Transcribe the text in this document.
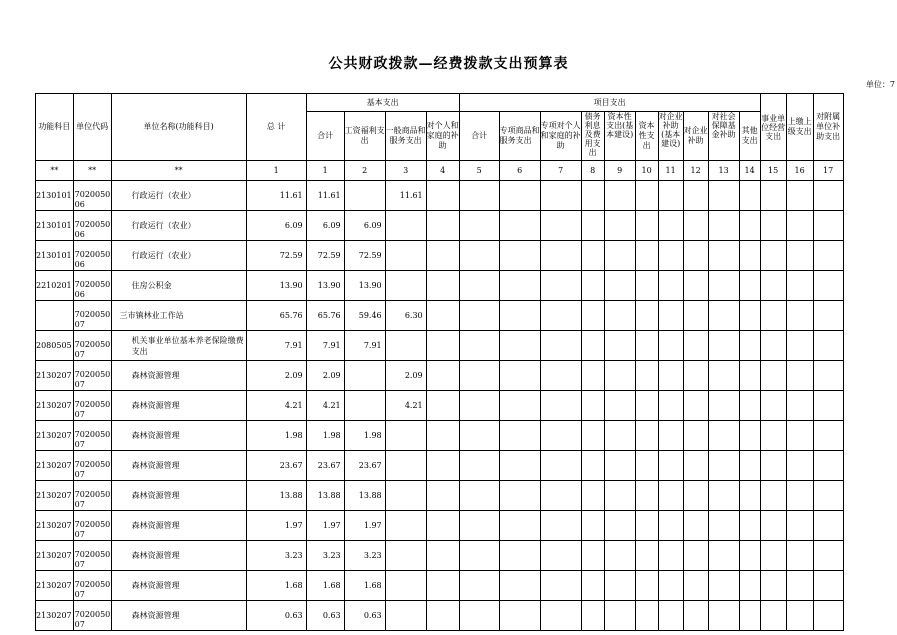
公共财政拨款—经费拨款支出预算表
单位：7
功能科目	单位代码	单位名称(功能科目)	总 计	基本支出				项目支出										事业单位经营支出	上缴上级支出	对附属单位补助支出

				合计	工资福利支出	一般商品和服务支出	对个人和家庭的补助	合计	专项商品和服务支出	专项对个人和家庭的补助	债务利息及费用支出	资本性支出(基本建设)	资本性支出	对企业补助(基本建设)	对企业补助	对社会保障基金补助	其他支出			
**	**	**	1	1	2	3	4	5	6	7	8	9	10	11	12	13	14	15	16	17
2130101	702005006	行政运行（农业）	11.61	11.61		11.61														
2130101	702005006	行政运行（农业）	6.09	6.09	6.09															
2130101	702005006	行政运行（农业）	72.59	72.59	72.59															
2210201	702005006	住房公积金	13.90	13.90	13.90															
	702005007	三市镇林业工作站	65.76	65.76	59.46	6.30														
2080505	702005007	机关事业单位基本养老保险缴费支出	7.91	7.91	7.91															
2130207	702005007	森林资源管理	2.09	2.09		2.09														
2130207	702005007	森林资源管理	4.21	4.21		4.21														
2130207	702005007	森林资源管理	1.98	1.98	1.98															
2130207	702005007	森林资源管理	23.67	23.67	23.67															
2130207	702005007	森林资源管理	13.88	13.88	13.88															
2130207	702005007	森林资源管理	1.97	1.97	1.97															
2130207	702005007	森林资源管理	3.23	3.23	3.23															
2130207	702005007	森林资源管理	1.68	1.68	1.68															
2130207	702005007	森林资源管理	0.63	0.63	0.63															
